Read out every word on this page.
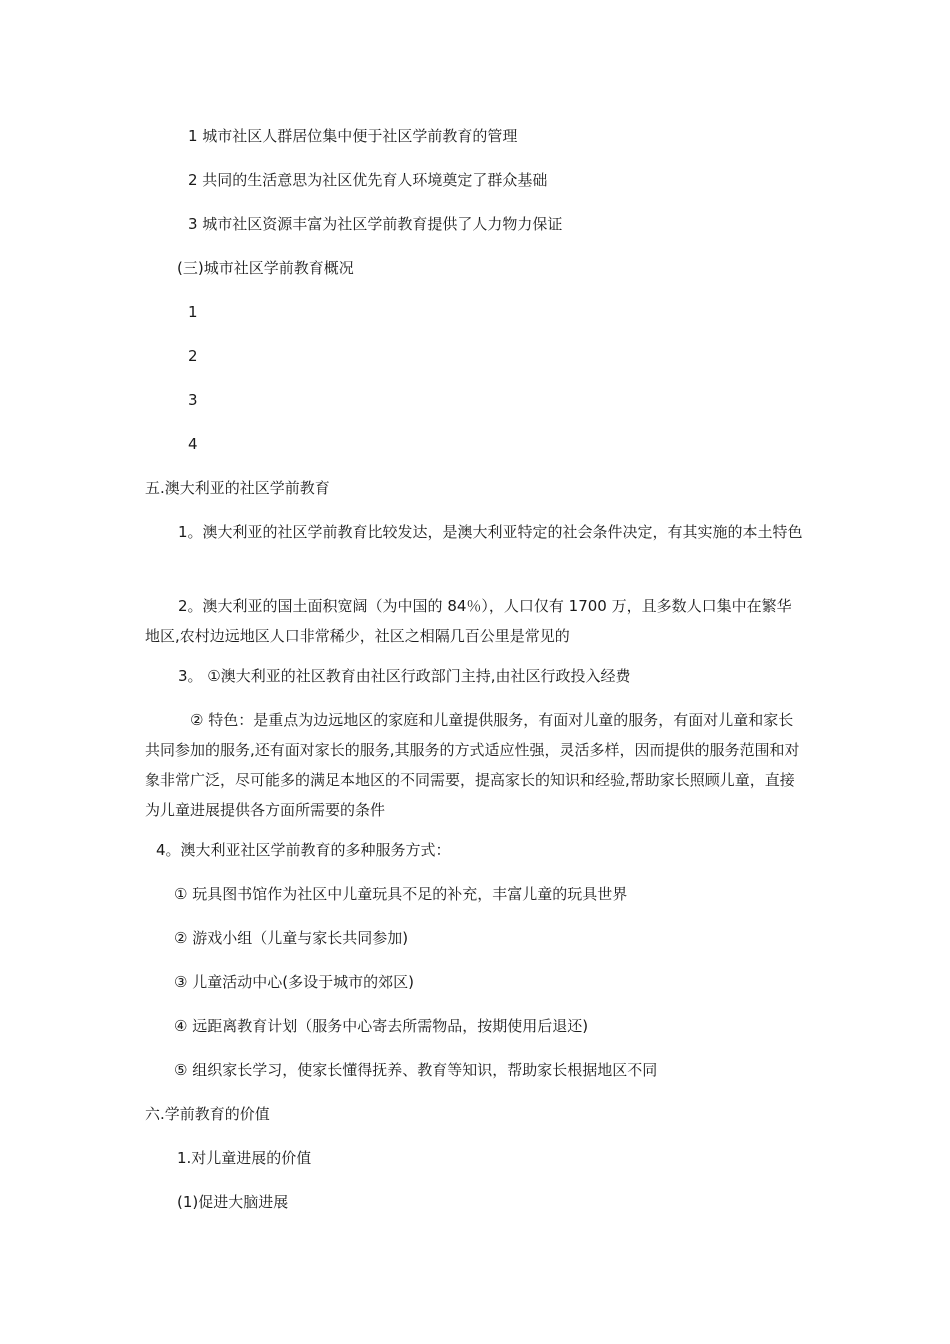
1 城市社区人群居位集中便于社区学前教育的管理
2 共同的生活意思为社区优先育人环境奠定了群众基础
3 城市社区资源丰富为社区学前教育提供了人力物力保证
(三)城市社区学前教育概况
1
2
3
4
五.澳大利亚的社区学前教育
1。澳大利亚的社区学前教育比较发达，是澳大利亚特定的社会条件决定，有其实施的本土特色
2。澳大利亚的国土面积宽阔（为中国的 84％），人口仅有 1700 万，且多数人口集中在繁华地区,农村边远地区人口非常稀少，社区之相隔几百公里是常见的
3。 ①澳大利亚的社区教育由社区行政部门主持,由社区行政投入经费
② 特色：是重点为边远地区的家庭和儿童提供服务，有面对儿童的服务，有面对儿童和家长共同参加的服务,还有面对家长的服务,其服务的方式适应性强，灵活多样，因而提供的服务范围和对象非常广泛，尽可能多的满足本地区的不同需要，提高家长的知识和经验,帮助家长照顾儿童，直接为儿童进展提供各方面所需要的条件
4。澳大利亚社区学前教育的多种服务方式：
① 玩具图书馆作为社区中儿童玩具不足的补充，丰富儿童的玩具世界
② 游戏小组（儿童与家长共同参加)
③ 儿童活动中心(多设于城市的郊区)
④ 远距离教育计划（服务中心寄去所需物品，按期使用后退还)
⑤ 组织家长学习，使家长懂得抚养、教育等知识，帮助家长根据地区不同
六.学前教育的价值
1.对儿童进展的价值
(1)促进大脑进展
